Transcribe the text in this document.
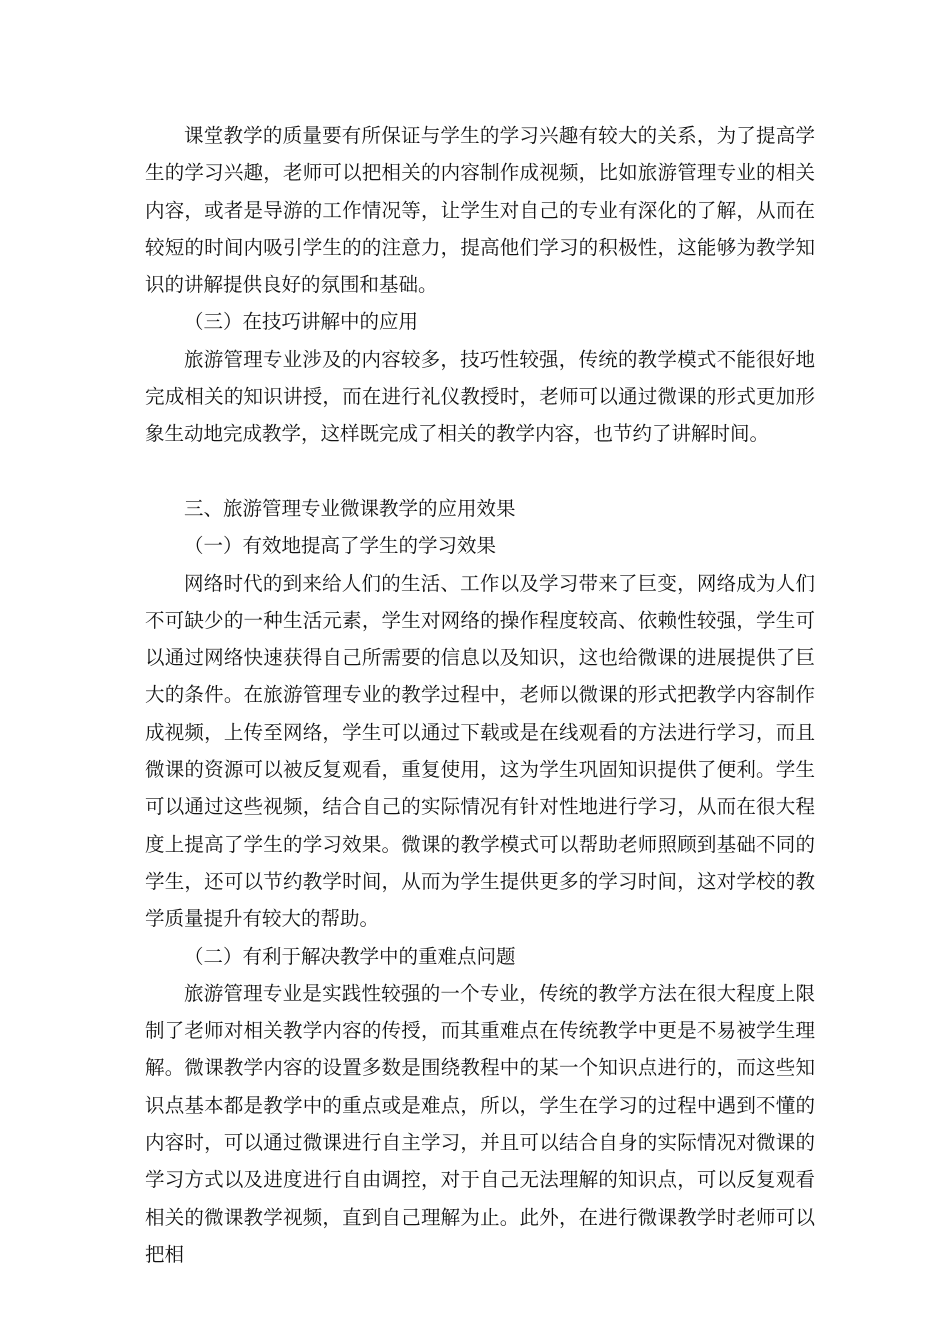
课堂教学的质量要有所保证与学生的学习兴趣有较大的关系，为了提高学生的学习兴趣，老师可以把相关的内容制作成视频，比如旅游管理专业的相关内容，或者是导游的工作情况等，让学生对自己的专业有深化的了解，从而在较短的时间内吸引学生的的注意力，提高他们学习的积极性，这能够为教学知识的讲解提供良好的氛围和基础。

（三）在技巧讲解中的应用

旅游管理专业涉及的内容较多，技巧性较强，传统的教学模式不能很好地完成相关的知识讲授，而在进行礼仪教授时，老师可以通过微课的形式更加形象生动地完成教学，这样既完成了相关的教学内容，也节约了讲解时间。

三、旅游管理专业微课教学的应用效果

（一）有效地提高了学生的学习效果

网络时代的到来给人们的生活、工作以及学习带来了巨变，网络成为人们不可缺少的一种生活元素，学生对网络的操作程度较高、依赖性较强，学生可以通过网络快速获得自己所需要的信息以及知识，这也给微课的进展提供了巨大的条件。在旅游管理专业的教学过程中，老师以微课的形式把教学内容制作成视频，上传至网络，学生可以通过下载或是在线观看的方法进行学习，而且微课的资源可以被反复观看，重复使用，这为学生巩固知识提供了便利。学生可以通过这些视频，结合自己的实际情况有针对性地进行学习，从而在很大程度上提高了学生的学习效果。微课的教学模式可以帮助老师照顾到基础不同的学生，还可以节约教学时间，从而为学生提供更多的学习时间，这对学校的教学质量提升有较大的帮助。

（二）有利于解决教学中的重难点问题

旅游管理专业是实践性较强的一个专业，传统的教学方法在很大程度上限制了老师对相关教学内容的传授，而其重难点在传统教学中更是不易被学生理解。微课教学内容的设置多数是围绕教程中的某一个知识点进行的，而这些知识点基本都是教学中的重点或是难点，所以，学生在学习的过程中遇到不懂的内容时，可以通过微课进行自主学习，并且可以结合自身的实际情况对微课的学习方式以及进度进行自由调控，对于自己无法理解的知识点，可以反复观看相关的微课教学视频，直到自己理解为止。此外，在进行微课教学时老师可以把相
